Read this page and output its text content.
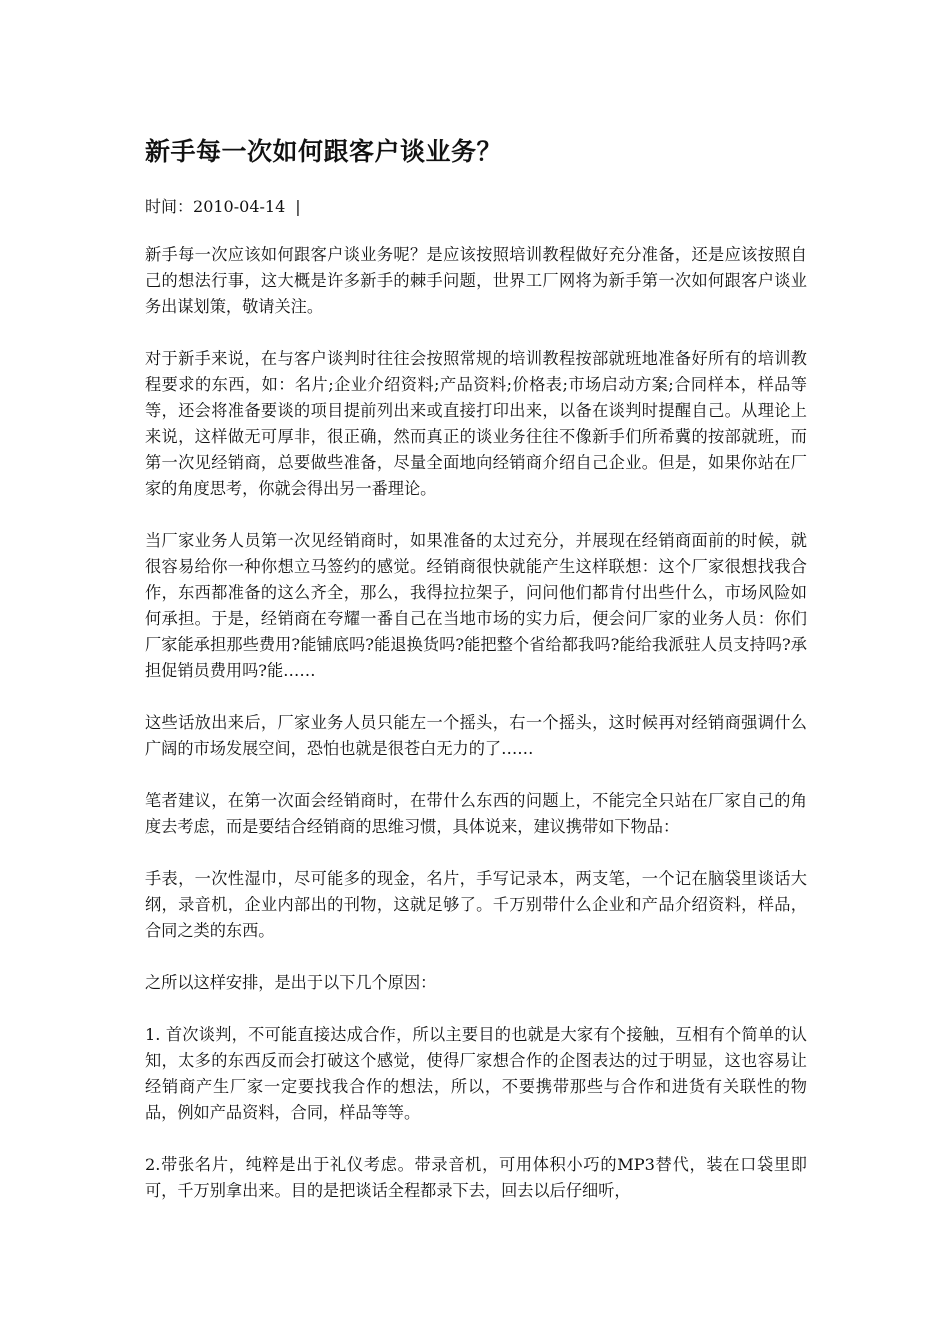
新手每一次如何跟客户谈业务？
时间：2010-04-14 |

新手每一次应该如何跟客户谈业务呢？是应该按照培训教程做好充分准备，还是应该按照自己的想法行事，这大概是许多新手的棘手问题，世界工厂网将为新手第一次如何跟客户谈业务出谋划策，敬请关注。

对于新手来说，在与客户谈判时往往会按照常规的培训教程按部就班地准备好所有的培训教程要求的东西，如：名片;企业介绍资料;产品资料;价格表;市场启动方案;合同样本，样品等等，还会将准备要谈的项目提前列出来或直接打印出来，以备在谈判时提醒自己。从理论上来说，这样做无可厚非，很正确，然而真正的谈业务往往不像新手们所希冀的按部就班，而第一次见经销商，总要做些准备，尽量全面地向经销商介绍自己企业。但是，如果你站在厂家的角度思考，你就会得出另一番理论。

当厂家业务人员第一次见经销商时，如果准备的太过充分，并展现在经销商面前的时候，就很容易给你一种你想立马签约的感觉。经销商很快就能产生这样联想：这个厂家很想找我合作，东西都准备的这么齐全，那么，我得拉拉架子，问问他们都肯付出些什么，市场风险如何承担。于是，经销商在夸耀一番自己在当地市场的实力后，便会问厂家的业务人员：你们厂家能承担那些费用?能铺底吗?能退换货吗?能把整个省给都我吗?能给我派驻人员支持吗?承担促销员费用吗?能……

这些话放出来后，厂家业务人员只能左一个摇头，右一个摇头，这时候再对经销商强调什么广阔的市场发展空间，恐怕也就是很苍白无力的了……

笔者建议，在第一次面会经销商时，在带什么东西的问题上，不能完全只站在厂家自己的角度去考虑，而是要结合经销商的思维习惯，具体说来，建议携带如下物品：

手表，一次性湿巾，尽可能多的现金，名片，手写记录本，两支笔，一个记在脑袋里谈话大纲，录音机，企业内部出的刊物，这就足够了。千万别带什么企业和产品介绍资料，样品，合同之类的东西。

之所以这样安排，是出于以下几个原因：

1. 首次谈判，不可能直接达成合作，所以主要目的也就是大家有个接触，互相有个简单的认知，太多的东西反而会打破这个感觉，使得厂家想合作的企图表达的过于明显，这也容易让经销商产生厂家一定要找我合作的想法，所以，不要携带那些与合作和进货有关联性的物品，例如产品资料，合同，样品等等。

2.带张名片，纯粹是出于礼仪考虑。带录音机，可用体积小巧的MP3替代，装在口袋里即可，千万别拿出来。目的是把谈话全程都录下去，回去以后仔细听，
